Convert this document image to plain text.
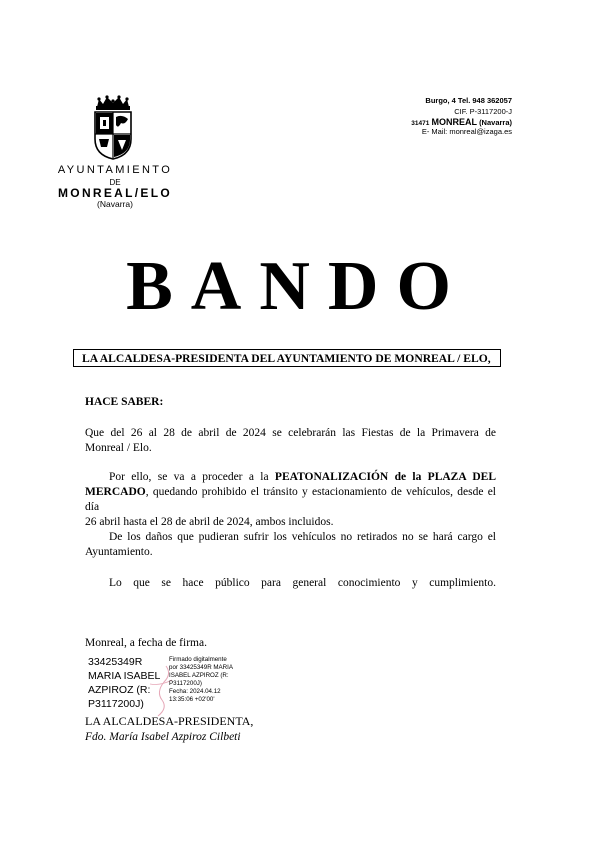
AYUNTAMIENTO
DE
MONREAL/ELO
(Navarra)
Burgo, 4 Tel. 948 362057
CIF. P-3117200-J
31471 MONREAL (Navarra)
E- Mail: monreal@izaga.es
BANDO
LA ALCALDESA-PRESIDENTA DEL AYUNTAMIENTO DE MONREAL / ELO,
HACE SABER:
Que del 26 al 28 de abril de 2024 se celebrarán las Fiestas de la Primavera de
Monreal / Elo.
Por ello, se va a proceder a la PEATONALIZACIÓN de la PLAZA DEL
MERCADO, quedando prohibido el tránsito y estacionamiento de vehículos, desde el día
26 abril hasta el 28 de abril de 2024, ambos incluidos.
De los daños que pudieran sufrir los vehículos no retirados no se hará cargo el
Ayuntamiento.
Lo que se hace público para general conocimiento y cumplimiento.
Monreal, a fecha de firma.
33425349R
MARIA ISABEL
AZPIROZ (R:
P3117200J)
Firmado digitalmente
por 33425349R MARIA
ISABEL AZPIROZ (R:
P3117200J)
Fecha: 2024.04.12
13:35:06 +02'00'
LA ALCALDESA-PRESIDENTA,
Fdo. María Isabel Azpiroz Cilbeti
